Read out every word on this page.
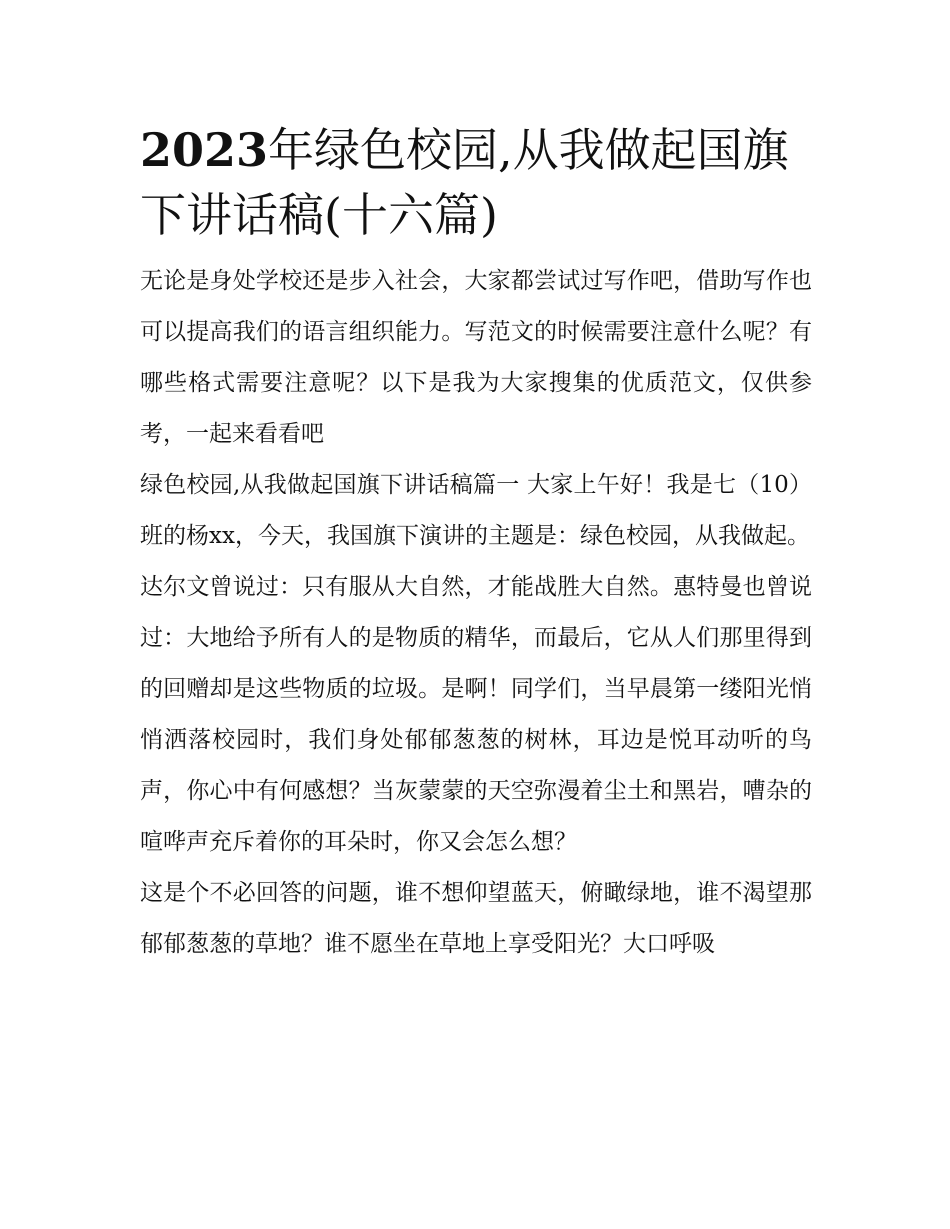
2023年绿色校园,从我做起国旗下讲话稿(十六篇)

无论是身处学校还是步入社会，大家都尝试过写作吧，借助写作也可以提高我们的语言组织能力。写范文的时候需要注意什么呢？有哪些格式需要注意呢？以下是我为大家搜集的优质范文，仅供参考，一起来看看吧

绿色校园,从我做起国旗下讲话稿篇一 大家上午好！我是七（10）班的杨xx，今天，我国旗下演讲的主题是：绿色校园，从我做起。

达尔文曾说过：只有服从大自然，才能战胜大自然。惠特曼也曾说过：大地给予所有人的是物质的精华，而最后，它从人们那里得到的回赠却是这些物质的垃圾。是啊！同学们，当早晨第一缕阳光悄悄洒落校园时，我们身处郁郁葱葱的树林，耳边是悦耳动听的鸟声，你心中有何感想？当灰蒙蒙的天空弥漫着尘土和黑岩，嘈杂的喧哗声充斥着你的耳朵时，你又会怎么想？

这是个不必回答的问题，谁不想仰望蓝天，俯瞰绿地，谁不渴望那郁郁葱葱的草地？谁不愿坐在草地上享受阳光？大口呼吸
